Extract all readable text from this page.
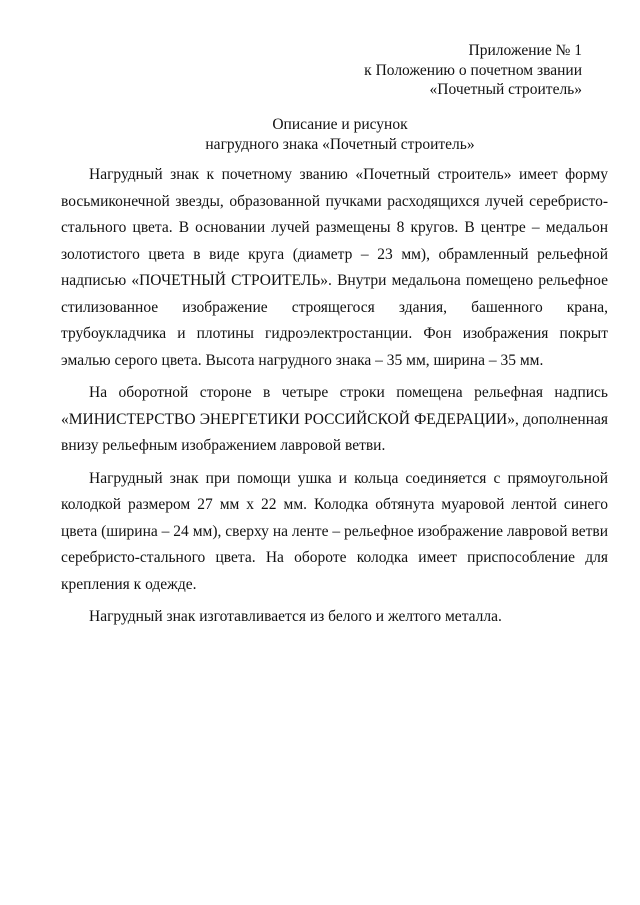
Приложение № 1
к Положению о почетном звании
«Почетный строитель»
Описание и рисунок
нагрудного знака «Почетный строитель»

Нагрудный знак к почетному званию «Почетный строитель» имеет форму восьмиконечной звезды, образованной пучками расходящихся лучей серебристо-стального цвета. В основании лучей размещены 8 кругов. В центре – медальон золотистого цвета в виде круга (диаметр – 23 мм), обрамленный рельефной надписью «ПОЧЕТНЫЙ СТРОИТЕЛЬ». Внутри медальона помещено рельефное стилизованное изображение строящегося здания, башенного крана, трубоукладчика и плотины гидроэлектростанции. Фон изображения покрыт эмалью серого цвета. Высота нагрудного знака – 35 мм, ширина – 35 мм.

На оборотной стороне в четыре строки помещена рельефная надпись «МИНИСТЕРСТВО ЭНЕРГЕТИКИ РОССИЙСКОЙ ФЕДЕРАЦИИ», дополненная внизу рельефным изображением лавровой ветви.

Нагрудный знак при помощи ушка и кольца соединяется с прямоугольной колодкой размером 27 мм х 22 мм. Колодка обтянута муаровой лентой синего цвета (ширина – 24 мм), сверху на ленте – рельефное изображение лавровой ветви серебристо-стального цвета. На обороте колодка имеет приспособление для крепления к одежде.

Нагрудный знак изготавливается из белого и желтого металла.
